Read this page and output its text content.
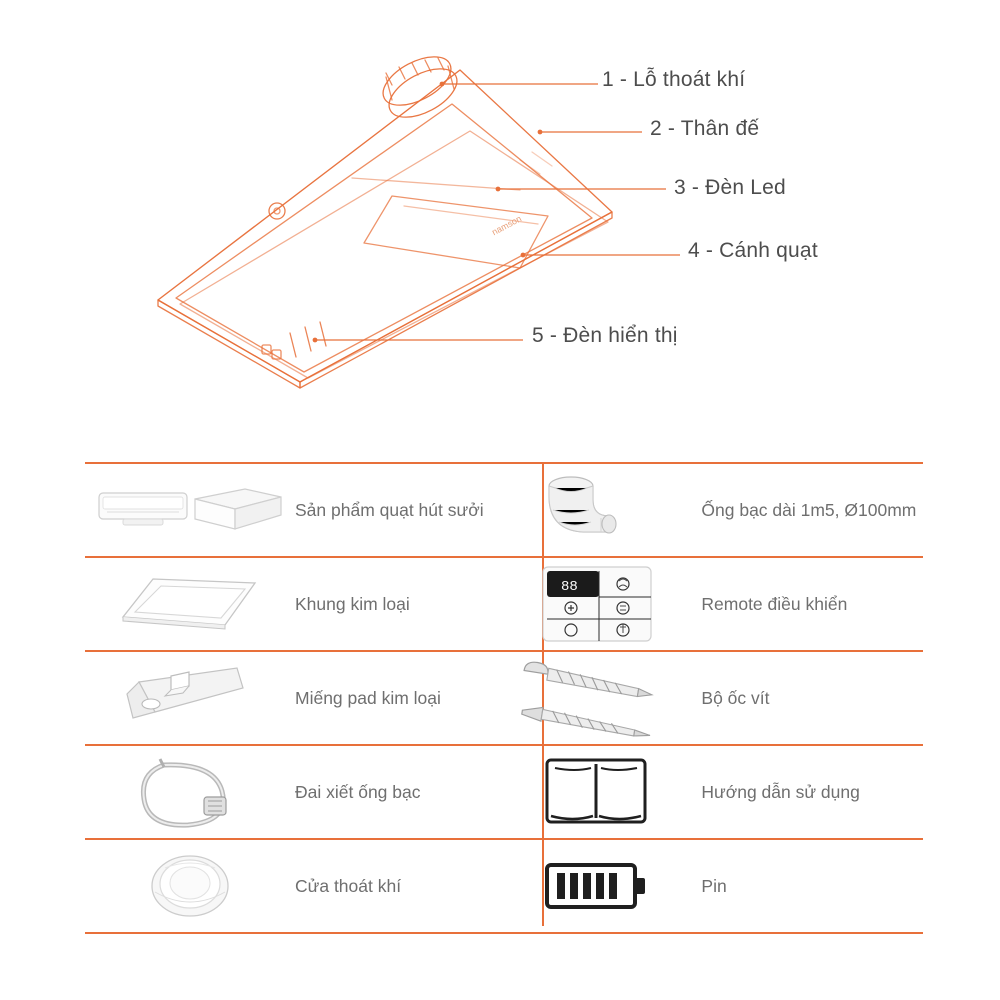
namson
1 - Lỗ thoát khí
2 - Thân đế
3 - Đèn Led
4 - Cánh quạt
5 - Đèn hiển thị
	Sản phẩm quạt hút sưởi			Ống bạc dài 1m5, Ø100mm

	Khung kim loại		88	Remote điều khiển

	Miếng pad kim loại			Bộ ốc vít

	Đai xiết ống bạc			Hướng dẫn sử dụng

	Cửa thoát khí			Pin
